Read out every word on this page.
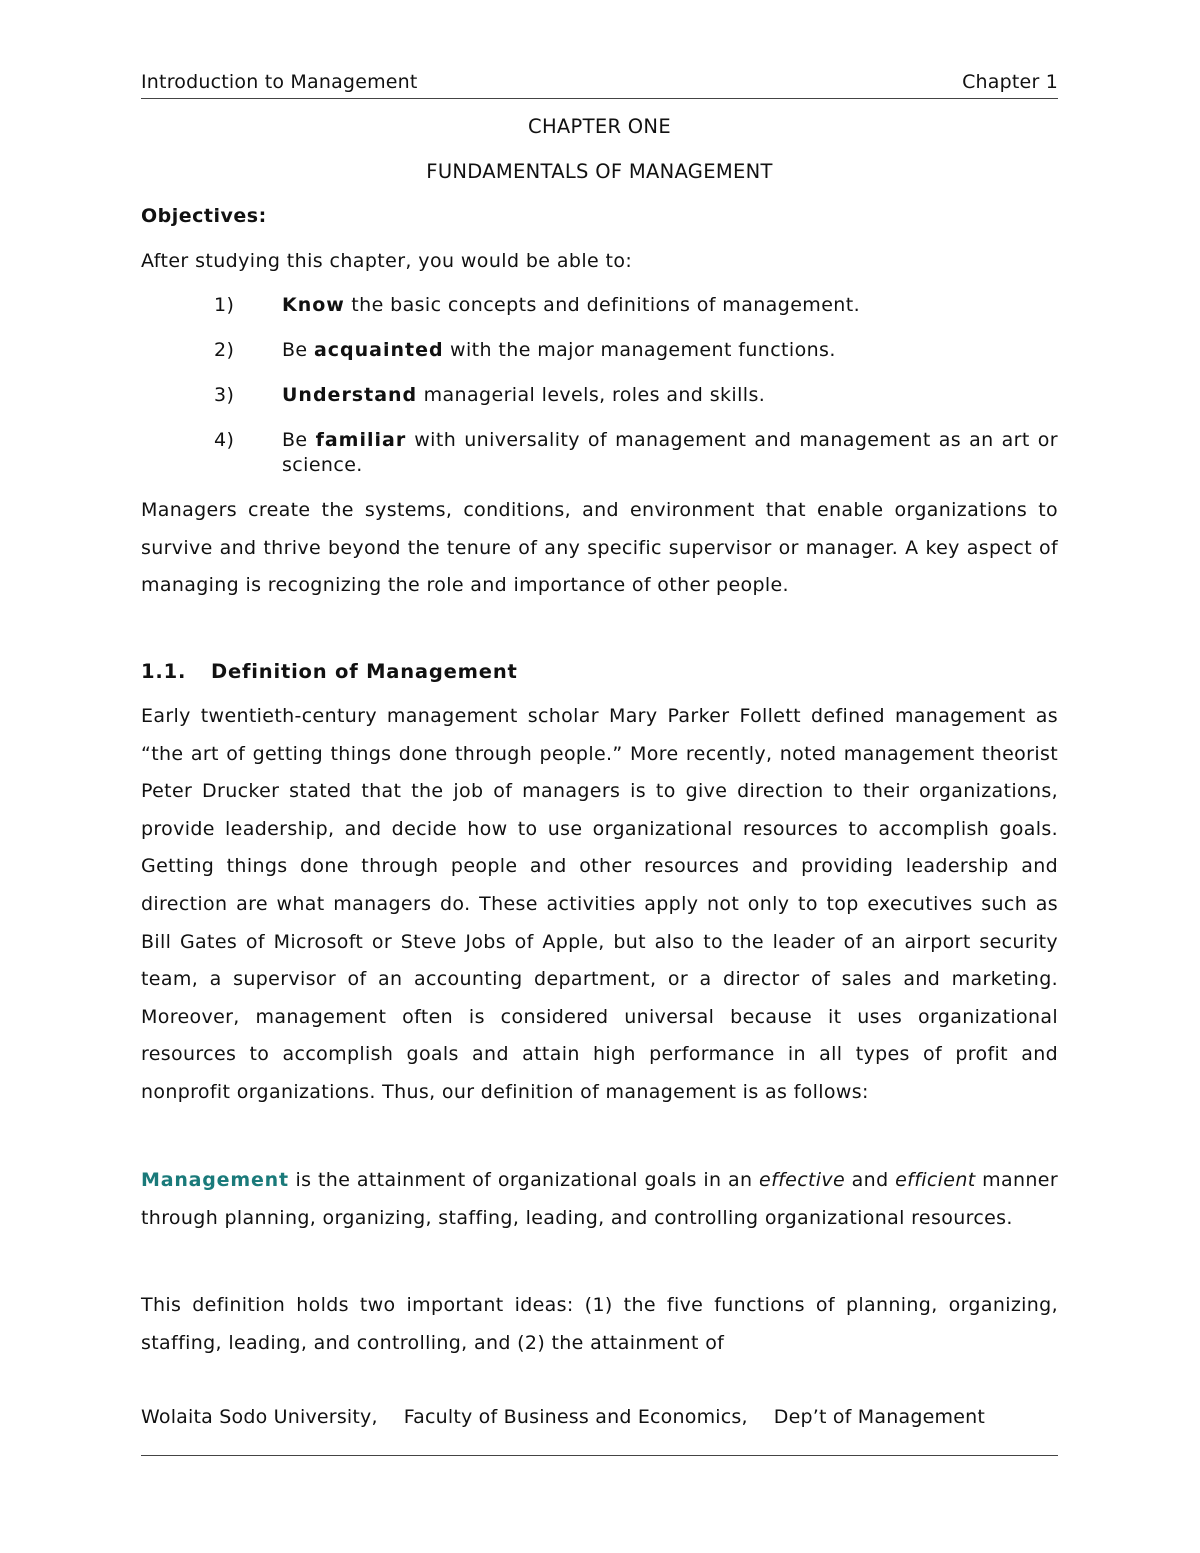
Introduction to Management	Chapter 1
CHAPTER ONE
FUNDAMENTALS OF MANAGEMENT
Objectives:
After studying this chapter, you would be able to:
1)	Know the basic concepts and definitions of management.
2)	Be acquainted with the major management functions.
3)	Understand managerial levels, roles and skills.
4)	Be familiar with universality of management and management as an art or science.

Managers create the systems, conditions, and environment that enable organizations to survive and thrive beyond the tenure of any specific supervisor or manager. A key aspect of managing is recognizing the role and importance of other people.

1.1. Definition of Management

Early twentieth-century management scholar Mary Parker Follett defined management as “the art of getting things done through people.” More recently, noted management theorist Peter Drucker stated that the job of managers is to give direction to their organizations, provide leadership, and decide how to use organizational resources to accomplish goals. Getting things done through people and other resources and providing leadership and direction are what managers do. These activities apply not only to top executives such as Bill Gates of Microsoft or Steve Jobs of Apple, but also to the leader of an airport security team, a supervisor of an accounting department, or a director of sales and marketing. Moreover, management often is considered universal because it uses organizational resources to accomplish goals and attain high performance in all types of profit and nonprofit organizations. Thus, our definition of management is as follows:

Management is the attainment of organizational goals in an effective and efficient manner through planning, organizing, staffing, leading, and controlling organizational resources.

This definition holds two important ideas: (1) the five functions of planning, organizing, staffing, leading, and controlling, and (2) the attainment of

Wolaita Sodo University, Faculty of Business and Economics, Dep’t of Management
